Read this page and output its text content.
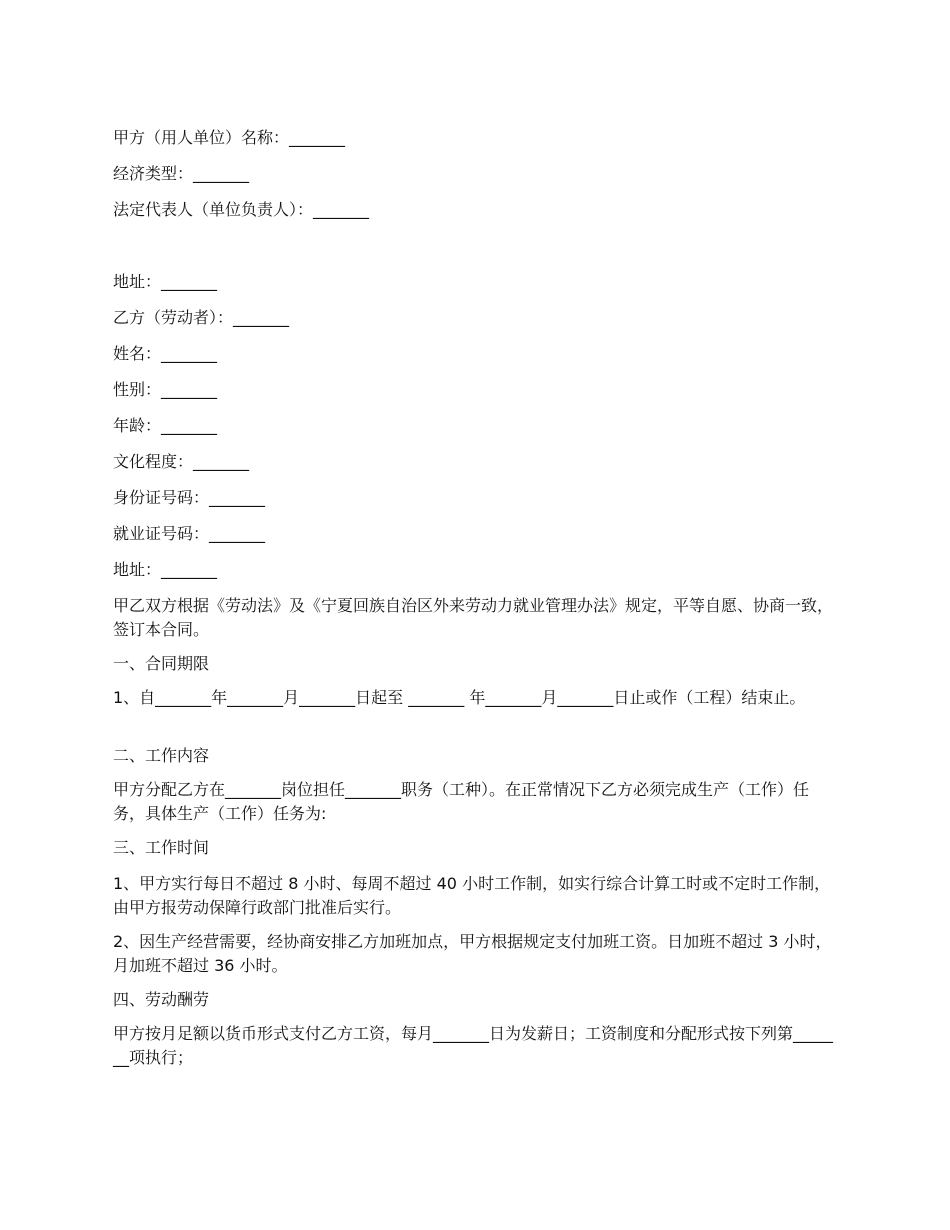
甲方（用人单位）名称：_______

经济类型：_______

法定代表人（单位负责人）：_______

地址：_______

乙方（劳动者）：_______

姓名：_______

性别：_______

年龄：_______

文化程度：_______

身份证号码：_______

就业证号码：_______

地址：_______

甲乙双方根据《劳动法》及《宁夏回族自治区外来劳动力就业管理办法》规定，平等自愿、协商一致，签订本合同。

一、合同期限

1、自_______年_______月_______日起至 _______ 年_______月_______日止或作（工程）结束止。

二、工作内容

甲方分配乙方在_______岗位担任_______职务（工种）。在正常情况下乙方必须完成生产（工作）任务，具体生产（工作）任务为:

三、工作时间

1、甲方实行每日不超过 8 小时、每周不超过 40 小时工作制，如实行综合计算工时或不定时工作制，由甲方报劳动保障行政部门批准后实行。

2、因生产经营需要，经协商安排乙方加班加点，甲方根据规定支付加班工资。日加班不超过 3 小时，月加班不超过 36 小时。

四、劳动酬劳

甲方按月足额以货币形式支付乙方工资，每月_______日为发薪日；工资制度和分配形式按下列第_______项执行；
